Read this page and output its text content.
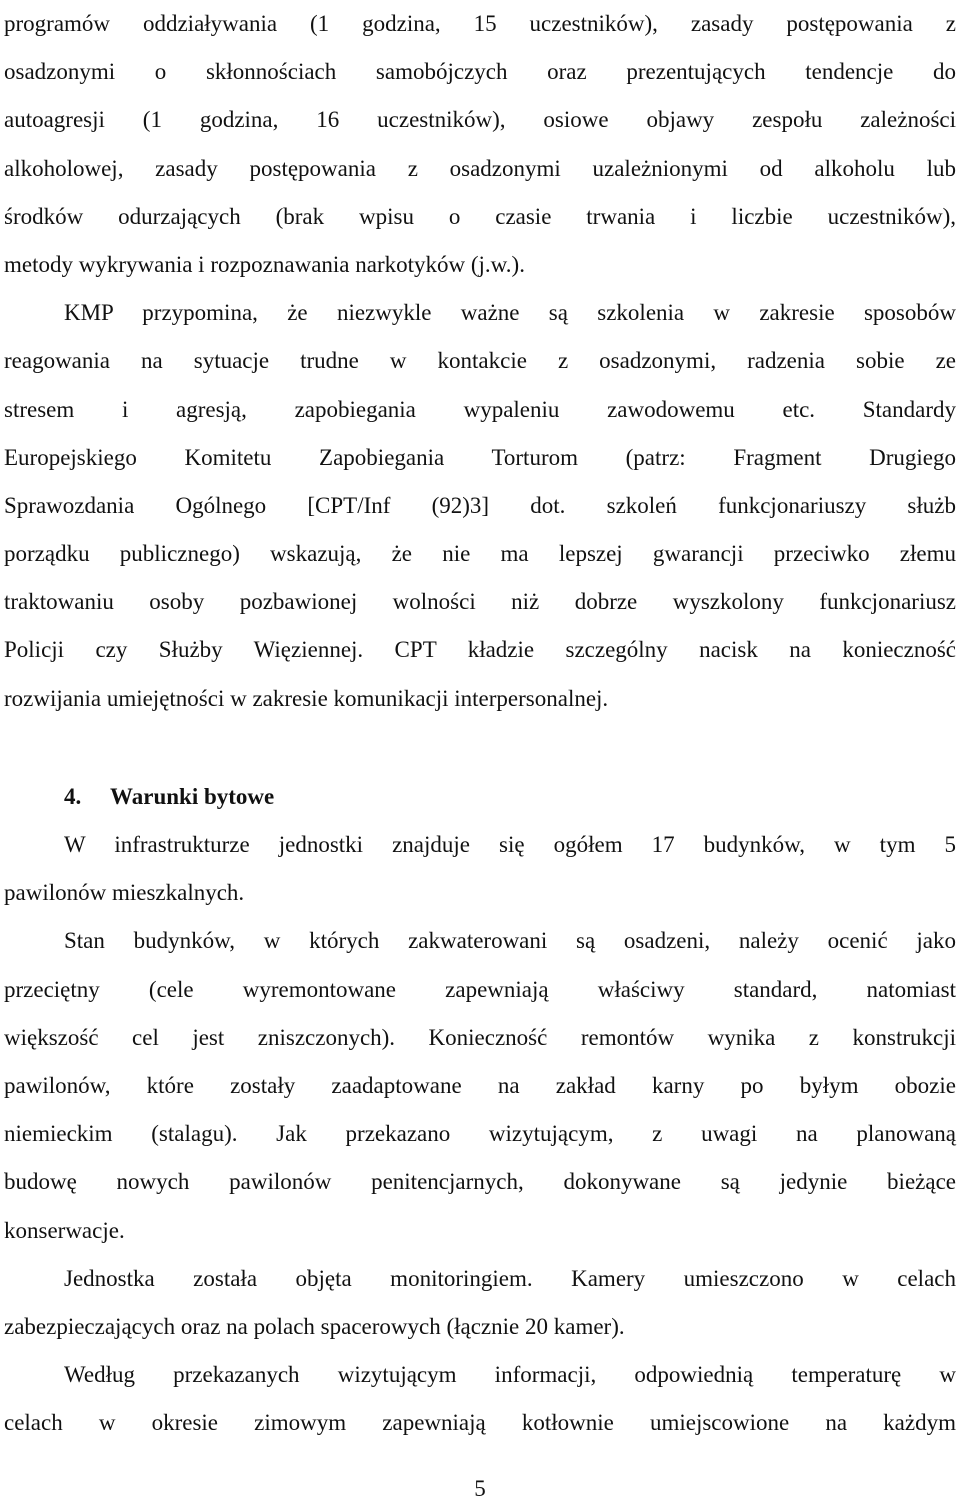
programów oddziaływania (1 godzina, 15 uczestników), zasady postępowania z
osadzonymi o skłonnościach samobójczych oraz prezentujących tendencje do
autoagresji (1 godzina, 16 uczestników), osiowe objawy zespołu zależności
alkoholowej, zasady postępowania z osadzonymi uzależnionymi od alkoholu lub
środków odurzających (brak wpisu o czasie trwania i liczbie uczestników),
metody wykrywania i rozpoznawania narkotyków (j.w.).
KMP przypomina, że niezwykle ważne są szkolenia w zakresie sposobów
reagowania na sytuacje trudne w kontakcie z osadzonymi, radzenia sobie ze
stresem i agresją, zapobiegania wypaleniu zawodowemu etc. Standardy
Europejskiego Komitetu Zapobiegania Torturom (patrz: Fragment Drugiego
Sprawozdania Ogólnego [CPT/Inf (92)3] dot. szkoleń funkcjonariuszy służb
porządku publicznego) wskazują, że nie ma lepszej gwarancji przeciwko złemu
traktowaniu osoby pozbawionej wolności niż dobrze wyszkolony funkcjonariusz
Policji czy Służby Więziennej. CPT kładzie szczególny nacisk na konieczność
rozwijania umiejętności w zakresie komunikacji interpersonalnej.
4. Warunki bytowe
W infrastrukturze jednostki znajduje się ogółem 17 budynków, w tym 5
pawilonów mieszkalnych.
Stan budynków, w których zakwaterowani są osadzeni, należy ocenić jako
przeciętny (cele wyremontowane zapewniają właściwy standard, natomiast
większość cel jest zniszczonych). Konieczność remontów wynika z konstrukcji
pawilonów, które zostały zaadaptowane na zakład karny po byłym obozie
niemieckim (stalagu). Jak przekazano wizytującym, z uwagi na planowaną
budowę nowych pawilonów penitencjarnych, dokonywane są jedynie bieżące
konserwacje.
Jednostka została objęta monitoringiem. Kamery umieszczono w celach
zabezpieczających oraz na polach spacerowych (łącznie 20 kamer).
Według przekazanych wizytującym informacji, odpowiednią temperaturę w
celach w okresie zimowym zapewniają kotłownie umiejscowione na każdym
5
